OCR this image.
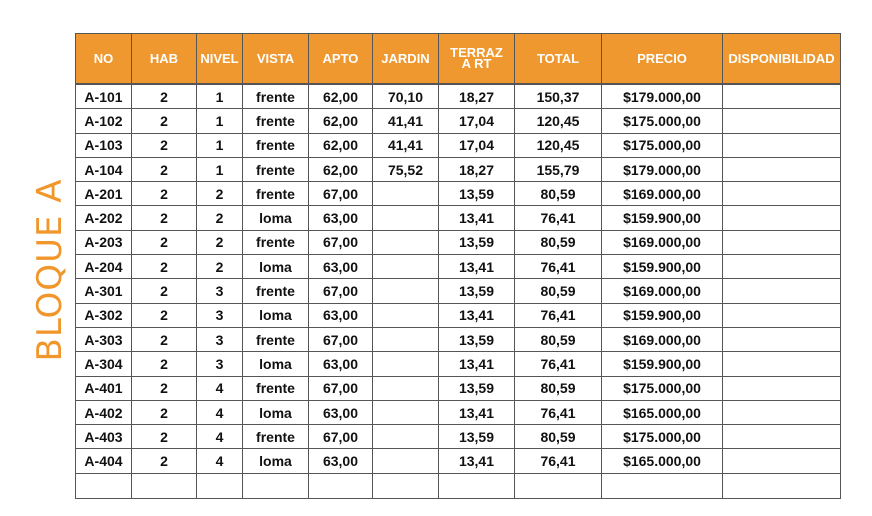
BLOQUE A
NO	HAB	NIVEL	VISTA	APTO	JARDIN	TERRAZA RT	TOTAL	PRECIO	DISPONIBILIDAD
A-101	2	1	frente	62,00	70,10	18,27	150,37	$179.000,00	
A-102	2	1	frente	62,00	41,41	17,04	120,45	$175.000,00	
A-103	2	1	frente	62,00	41,41	17,04	120,45	$175.000,00	
A-104	2	1	frente	62,00	75,52	18,27	155,79	$179.000,00	
A-201	2	2	frente	67,00		13,59	80,59	$169.000,00	
A-202	2	2	loma	63,00		13,41	76,41	$159.900,00	
A-203	2	2	frente	67,00		13,59	80,59	$169.000,00	
A-204	2	2	loma	63,00		13,41	76,41	$159.900,00	
A-301	2	3	frente	67,00		13,59	80,59	$169.000,00	
A-302	2	3	loma	63,00		13,41	76,41	$159.900,00	
A-303	2	3	frente	67,00		13,59	80,59	$169.000,00	
A-304	2	3	loma	63,00		13,41	76,41	$159.900,00	
A-401	2	4	frente	67,00		13,59	80,59	$175.000,00	
A-402	2	4	loma	63,00		13,41	76,41	$165.000,00	
A-403	2	4	frente	67,00		13,59	80,59	$175.000,00	
A-404	2	4	loma	63,00		13,41	76,41	$165.000,00	
